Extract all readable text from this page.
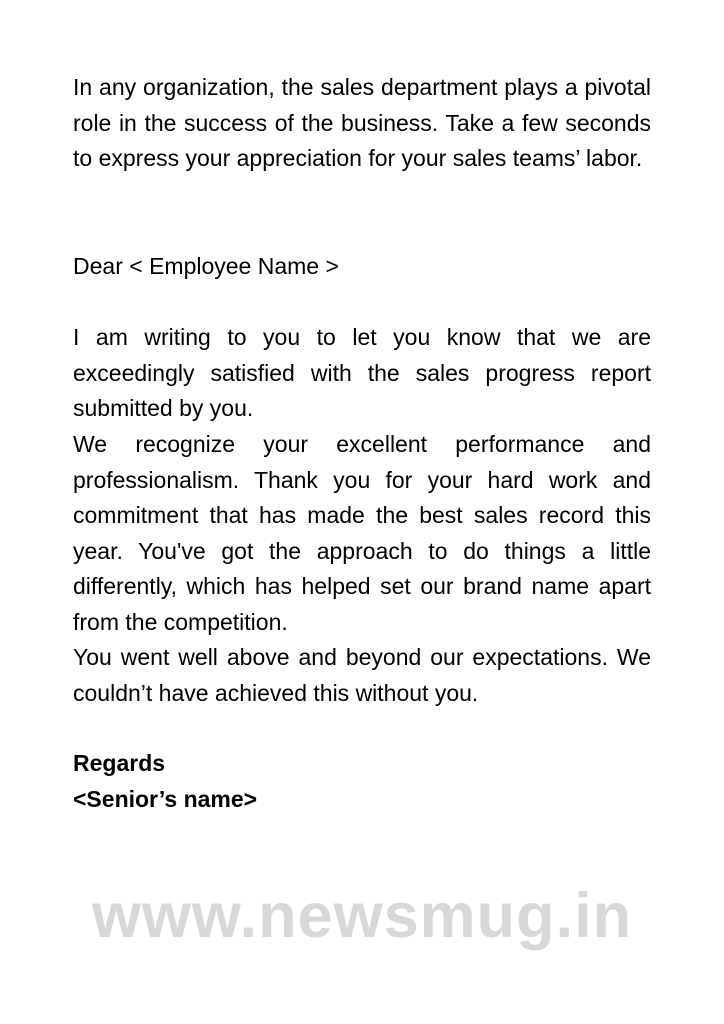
In any organization, the sales department plays a pivotal role in the success of the business. Take a few seconds to express your appreciation for your sales teams’ labor.

Dear < Employee Name >

I am writing to you to let you know that we are exceedingly satisfied with the sales progress report submitted by you.

We recognize your excellent performance and professionalism. Thank you for your hard work and commitment that has made the best sales record this year. You've got the approach to do things a little differently, which has helped set our brand name apart from the competition.

You went well above and beyond our expectations. We couldn’t have achieved this without you.

Regards

<Senior’s name>

www.newsmug.in
